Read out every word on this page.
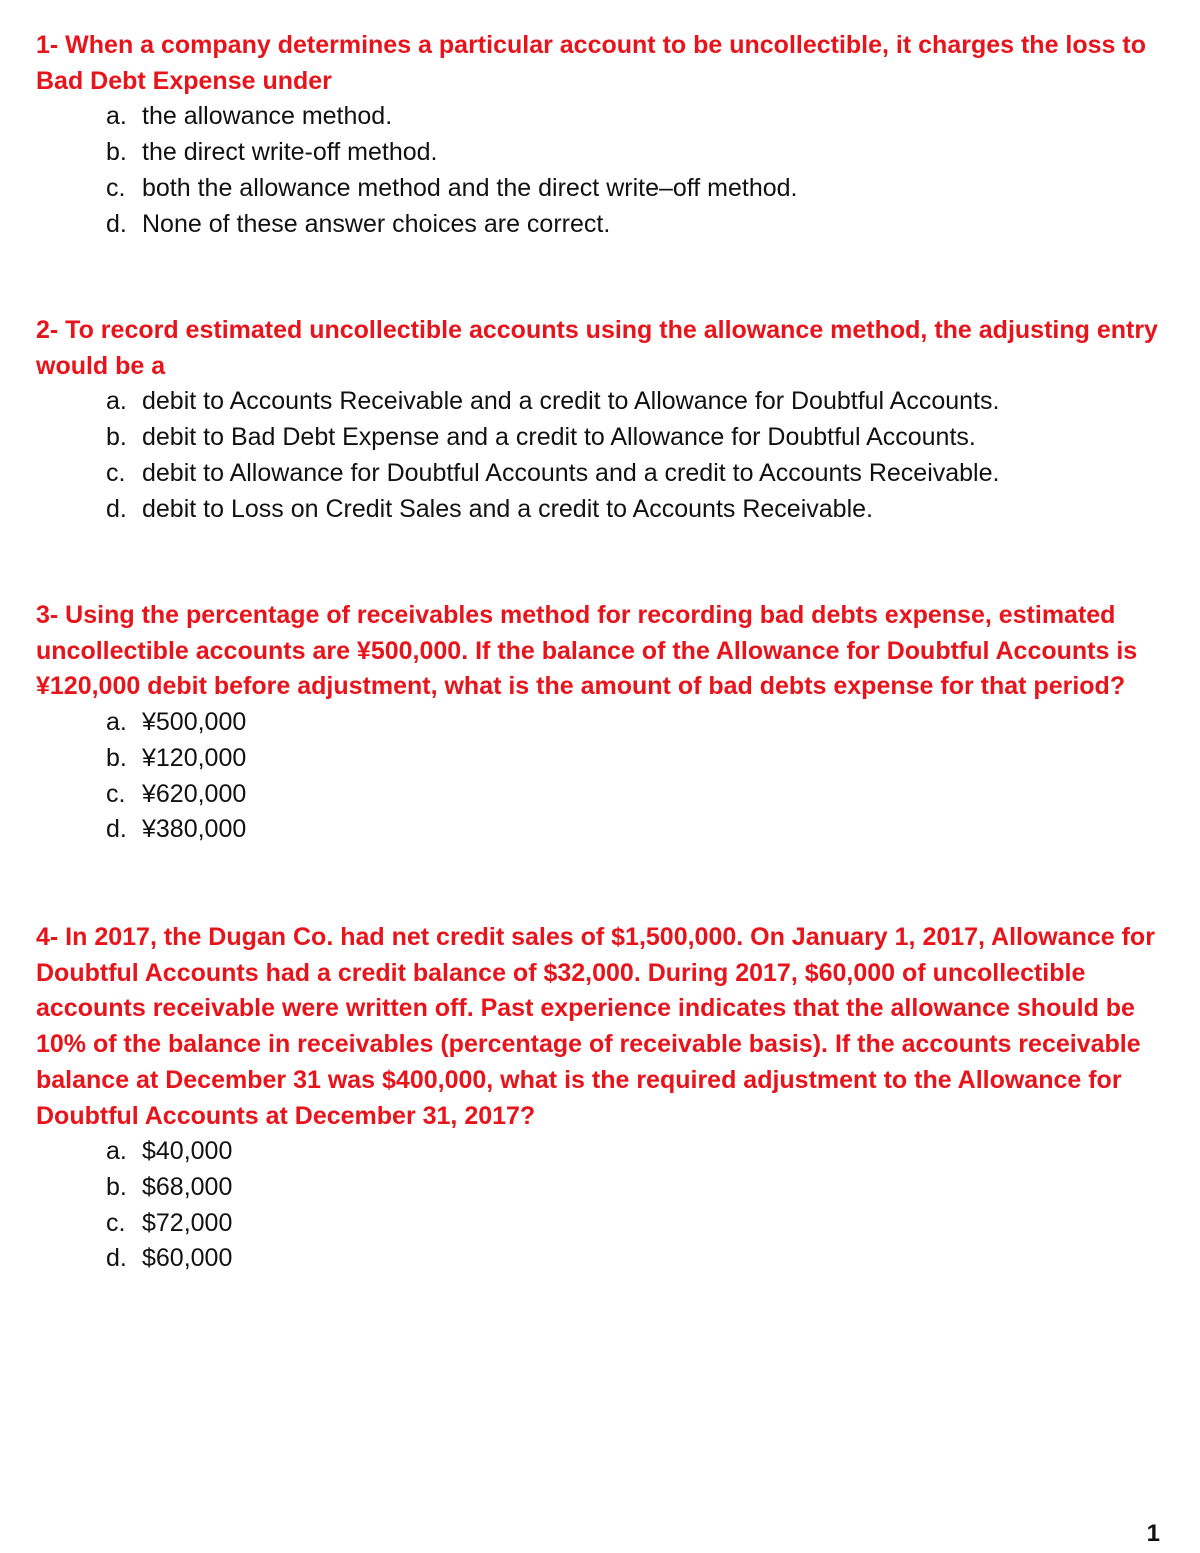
1- When a company determines a particular account to be uncollectible, it charges the loss to Bad Debt Expense under

a. the allowance method.
b. the direct write-off method.
c. both the allowance method and the direct write–off method.
d. None of these answer choices are correct.

2- To record estimated uncollectible accounts using the allowance method, the adjusting entry would be a

a. debit to Accounts Receivable and a credit to Allowance for Doubtful Accounts.
b. debit to Bad Debt Expense and a credit to Allowance for Doubtful Accounts.
c. debit to Allowance for Doubtful Accounts and a credit to Accounts Receivable.
d. debit to Loss on Credit Sales and a credit to Accounts Receivable.

3- Using the percentage of receivables method for recording bad debts expense, estimated uncollectible accounts are ¥500,000. If the balance of the Allowance for Doubtful Accounts is ¥120,000 debit before adjustment, what is the amount of bad debts expense for that period?

a. ¥500,000
b. ¥120,000
c. ¥620,000
d. ¥380,000

4- In 2017, the Dugan Co. had net credit sales of $1,500,000. On January 1, 2017, Allowance for Doubtful Accounts had a credit balance of $32,000. During 2017, $60,000 of uncollectible accounts receivable were written off. Past experience indicates that the allowance should be 10% of the balance in receivables (percentage of receivable basis). If the accounts receivable balance at December 31 was $400,000, what is the required adjustment to the Allowance for Doubtful Accounts at December 31, 2017?

a. $40,000
b. $68,000
c. $72,000
d. $60,000
1
